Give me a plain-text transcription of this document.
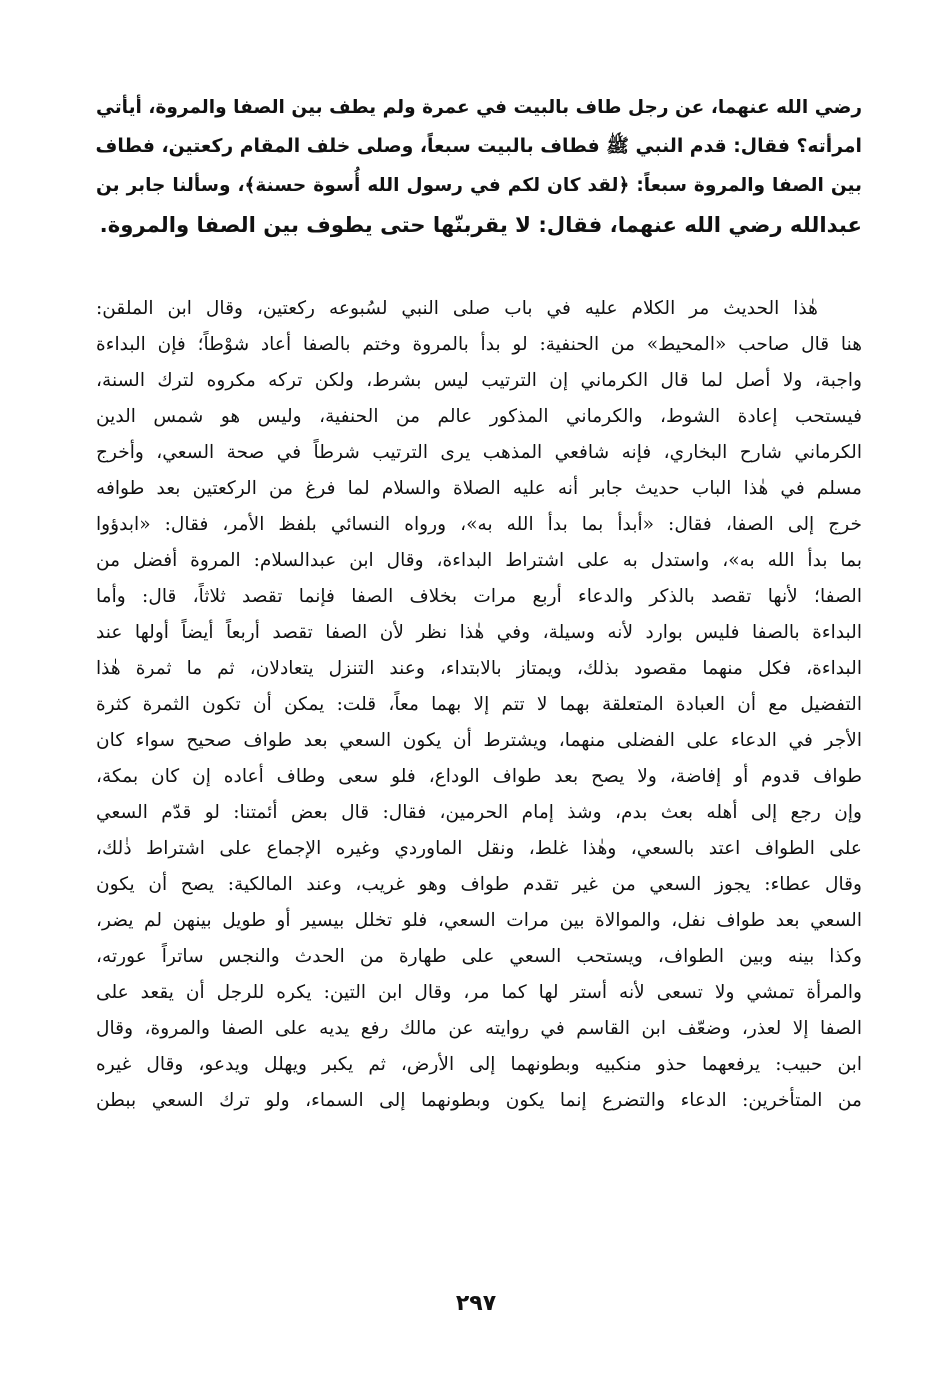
رضي الله عنهما، عن رجل طاف بالبيت في عمرة ولم يطف بين الصفا والمروة، أيأتي
امرأته؟ فقال: قدم النبي ﷺ فطاف بالبيت سبعاً، وصلى خلف المقام ركعتين، فطاف
بين الصفا والمروة سبعاً: ﴿لقد كان لكم في رسول الله أُسوة حسنة﴾، وسألنا جابر بن
عبدالله رضي الله عنهما، فقال: لا يقربنّها حتى يطوف بين الصفا والمروة.
هٰذا الحديث مر الكلام عليه في باب صلى النبي لسُبوعه ركعتين، وقال ابن الملقن:
هنا قال صاحب «المحيط» من الحنفية: لو بدأ بالمروة وختم بالصفا أعاد شوْطاً؛ فإن البداءة
واجبة، ولا أصل لما قال الكرماني إن الترتيب ليس بشرط، ولكن تركه مكروه لترك السنة،
فيستحب إعادة الشوط، والكرماني المذكور عالم من الحنفية، وليس هو شمس الدين
الكرماني شارح البخاري، فإنه شافعي المذهب يرى الترتيب شرطاً في صحة السعي، وأخرج
مسلم في هٰذا الباب حديث جابر أنه عليه الصلاة والسلام لما فرغ من الركعتين بعد طوافه
خرج إلى الصفا، فقال: «أبدأ بما بدأ الله به»، ورواه النسائي بلفظ الأمر، فقال: «ابدؤوا
بما بدأ الله به»، واستدل به على اشتراط البداءة، وقال ابن عبدالسلام: المروة أفضل من
الصفا؛ لأنها تقصد بالذكر والدعاء أربع مرات بخلاف الصفا فإنما تقصد ثلاثاً، قال: وأما
البداءة بالصفا فليس بوارد لأنه وسيلة، وفي هٰذا نظر لأن الصفا تقصد أربعاً أيضاً أولها عند
البداءة، فكل منهما مقصود بذلك، ويمتاز بالابتداء، وعند التنزل يتعادلان، ثم ما ثمرة هٰذا
التفضيل مع أن العبادة المتعلقة بهما لا تتم إلا بهما معاً، قلت: يمكن أن تكون الثمرة كثرة
الأجر في الدعاء على الفضلى منهما، ويشترط أن يكون السعي بعد طواف صحيح سواء كان
طواف قدوم أو إفاضة، ولا يصح بعد طواف الوداع، فلو سعى وطاف أعاده إن كان بمكة،
وإن رجع إلى أهله بعث بدم، وشذ إمام الحرمين، فقال: قال بعض أئمتنا: لو قدّم السعي
على الطواف اعتد بالسعي، وهٰذا غلط، ونقل الماوردي وغيره الإجماع على اشتراط ذٰلك،
وقال عطاء: يجوز السعي من غير تقدم طواف وهو غريب، وعند المالكية: يصح أن يكون
السعي بعد طواف نفل، والموالاة بين مرات السعي، فلو تخلل بيسير أو طويل بينهن لم يضر،
وكذا بينه وبين الطواف، ويستحب السعي على طهارة من الحدث والنجس ساتراً عورته،
والمرأة تمشي ولا تسعى لأنه أستر لها كما مر، وقال ابن التين: يكره للرجل أن يقعد على
الصفا إلا لعذر، وضعّف ابن القاسم في روايته عن مالك رفع يديه على الصفا والمروة، وقال
ابن حبيب: يرفعهما حذو منكبيه وبطونهما إلى الأرض، ثم يكبر ويهلل ويدعو، وقال غيره
من المتأخرين: الدعاء والتضرع إنما يكون وبطونهما إلى السماء، ولو ترك السعي ببطن
٢٩٧
